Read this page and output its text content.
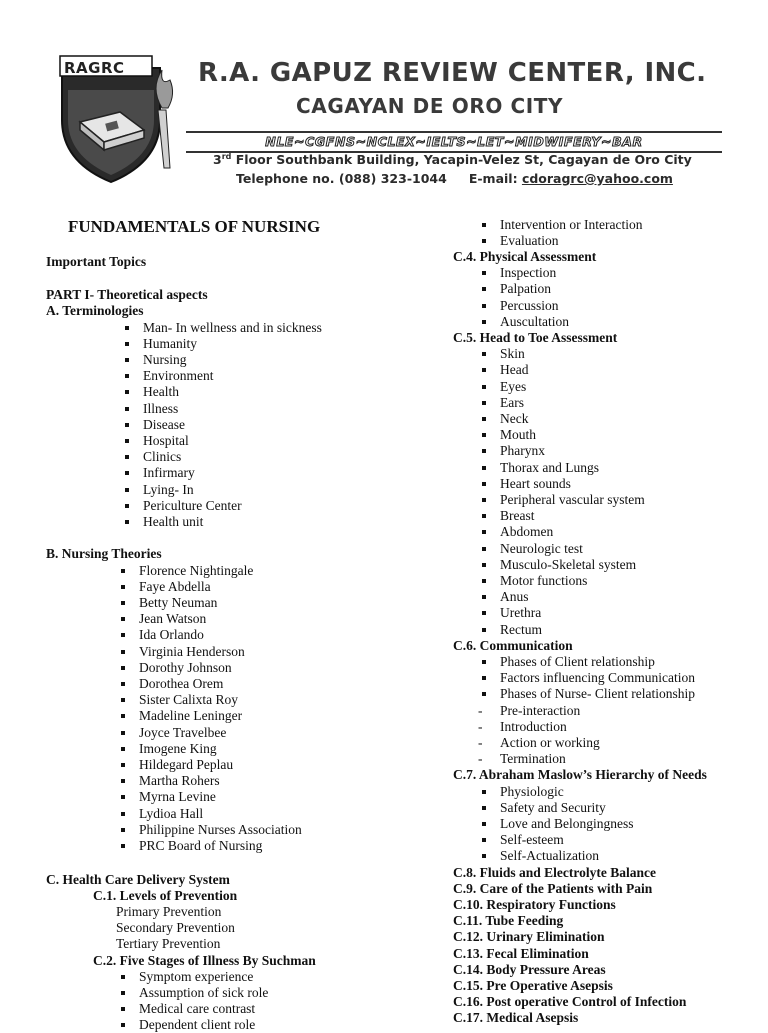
RAGRC	R.A. GAPUZ REVIEW CENTER, INC.
CAGAYAN DE ORO CITY
NLE~CGFNS~NCLEX~IELTS~LET~MIDWIFERY~BAR

3rd Floor Southbank Building, Yacapin-Velez St, Cagayan de Oro City

Telephone no. (088) 323-1044 E-mail: cdoragrc@yahoo.com

FUNDAMENTALS OF NURSING
Important Topics
PART I- Theoretical aspects
A. Terminologies
Man- In wellness and in sickness
Humanity
Nursing
Environment
Health
Illness
Disease
Hospital
Clinics
Infirmary
Lying- In
Periculture Center
Health unit
B. Nursing Theories
Florence Nightingale
Faye Abdella
Betty Neuman
Jean Watson
Ida Orlando
Virginia Henderson
Dorothy Johnson
Dorothea Orem
Sister Calixta Roy
Madeline Leninger
Joyce Travelbee
Imogene King
Hildegard Peplau
Martha Rohers
Myrna Levine
Lydioa Hall
Philippine Nurses Association
PRC Board of Nursing
C. Health Care Delivery System
C.1. Levels of Prevention
Primary Prevention
Secondary Prevention
Tertiary Prevention
C.2. Five Stages of Illness By Suchman
Symptom experience
Assumption of sick role
Medical care contrast
Dependent client role
Intervention or Interaction
Evaluation
C.4. Physical Assessment
Inspection
Palpation
Percussion
Auscultation
C.5. Head to Toe Assessment
Skin
Head
Eyes
Ears
Neck
Mouth
Pharynx
Thorax and Lungs
Heart sounds
Peripheral vascular system
Breast
Abdomen
Neurologic test
Musculo-Skeletal system
Motor functions
Anus
Urethra
Rectum
C.6. Communication
Phases of Client relationship
Factors influencing Communication
Phases of Nurse- Client relationship
- Pre-interaction
- Introduction
- Action or working
- Termination
C.7. Abraham Maslow’s Hierarchy of Needs
Physiologic
Safety and Security
Love and Belongingness
Self-esteem
Self-Actualization
C.8. Fluids and Electrolyte Balance
C.9. Care of the Patients with Pain
C.10. Respiratory Functions
C.11. Tube Feeding
C.12. Urinary Elimination
C.13. Fecal Elimination
C.14. Body Pressure Areas
C.15. Pre Operative Asepsis
C.16. Post operative Control of Infection
C.17. Medical Asepsis
